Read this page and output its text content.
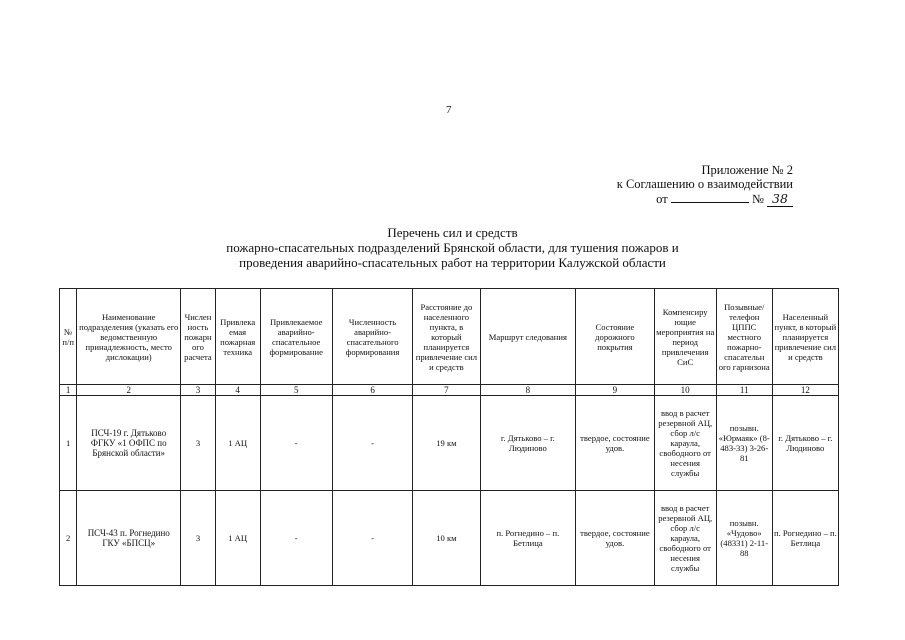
7
Приложение № 2
к Соглашению о взаимодействии
от	№ 38
Перечень сил и средств
пожарно-спасательных подразделений Брянской области, для тушения пожаров и
проведения аварийно-спасательных работ на территории Калужской области
№ п/п	Наименование подразделения (указать его ведомственную принадлежность, место дислокации)	Числен ность пожарн ого расчета	Привлека емая пожарная техника	Привлекаемое аварийно-спасательное формирование	Численность аварийно-спасательного формирования	Расстояние до населенного пункта, в который планируется привлечение сил и средств	Маршрут следования	Состояние дорожного покрытия	Компенсиру ющие мероприятия на период привлечения СиС	Позывные/ телефон ЦППС местного пожарно-спасательн ого гарнизона	Населенный пункт, в который планируется привлечение сил и средств
1	2	3	4	5	6	7	8	9	10	11	12
1	ПСЧ-19 г. Дятьково ФГКУ «1 ОФПС по Брянской области»	3	1 АЦ	-	-	19 км	г. Дятьково – г. Людиново	твердое, состояние удов.	ввод в расчет резервной АЦ, сбор л/с караула, свободного от несения службы	позывн. «Юрмаяк» (8-483-33) 3-26-81	г. Дятьково – г. Людиново
2	ПСЧ-43 п. Рогнедино ГКУ «БПСЦ»	3	1 АЦ	-	-	10 км	п. Рогнедино – п. Бетлица	твердое, состояние удов.	ввод в расчет резервной АЦ, сбор л/с караула, свободного от несения службы	позывн. «Чудово» (48331) 2-11-88	п. Рогнедино – п. Бетлица
